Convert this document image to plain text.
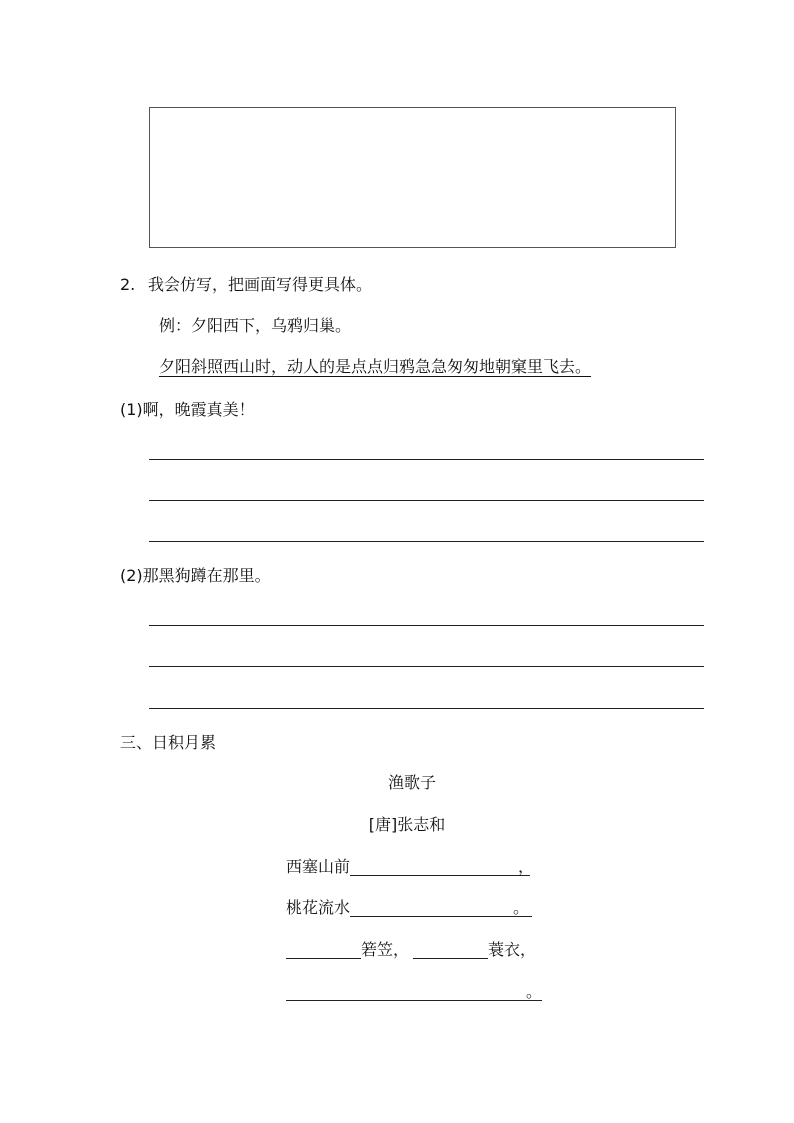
2. 我会仿写，把画面写得更具体。
例：夕阳西下，乌鸦归巢。
夕阳斜照西山时，动人的是点点归鸦急急匆匆地朝窠里飞去。
(1)啊，晚霞真美！
(2)那黑狗蹲在那里。
三、日积月累
渔歌子
[唐]张志和
西塞山前	，
桃花流水	。
箬笠，	蓑衣，
。
